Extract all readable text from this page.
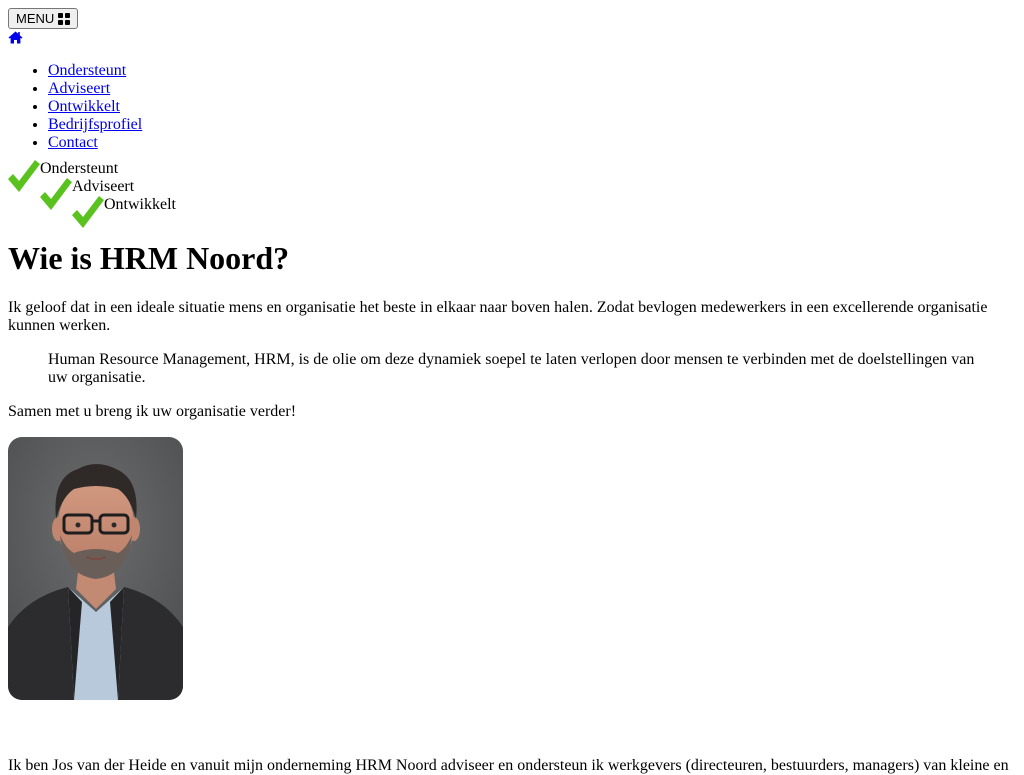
MENU
• Ondersteunt
• Adviseert
• Ontwikkelt
• Bedrijfsprofiel
• Contact
Ondersteunt
Adviseert
Ontwikkelt
Wie is HRM Noord?

Ik geloof dat in een ideale situatie mens en organisatie het beste in elkaar naar boven halen. Zodat bevlogen medewerkers in een excellerende organisatie kunnen werken.

Human Resource Management, HRM, is de olie om deze dynamiek soepel te laten verlopen door mensen te verbinden met de doelstellingen van uw organisatie.

Samen met u breng ik uw organisatie verder!

Ik ben Jos van der Heide en vanuit mijn onderneming HRM Noord adviseer en ondersteun ik werkgevers (directeuren, bestuurders, managers) van kleine en
